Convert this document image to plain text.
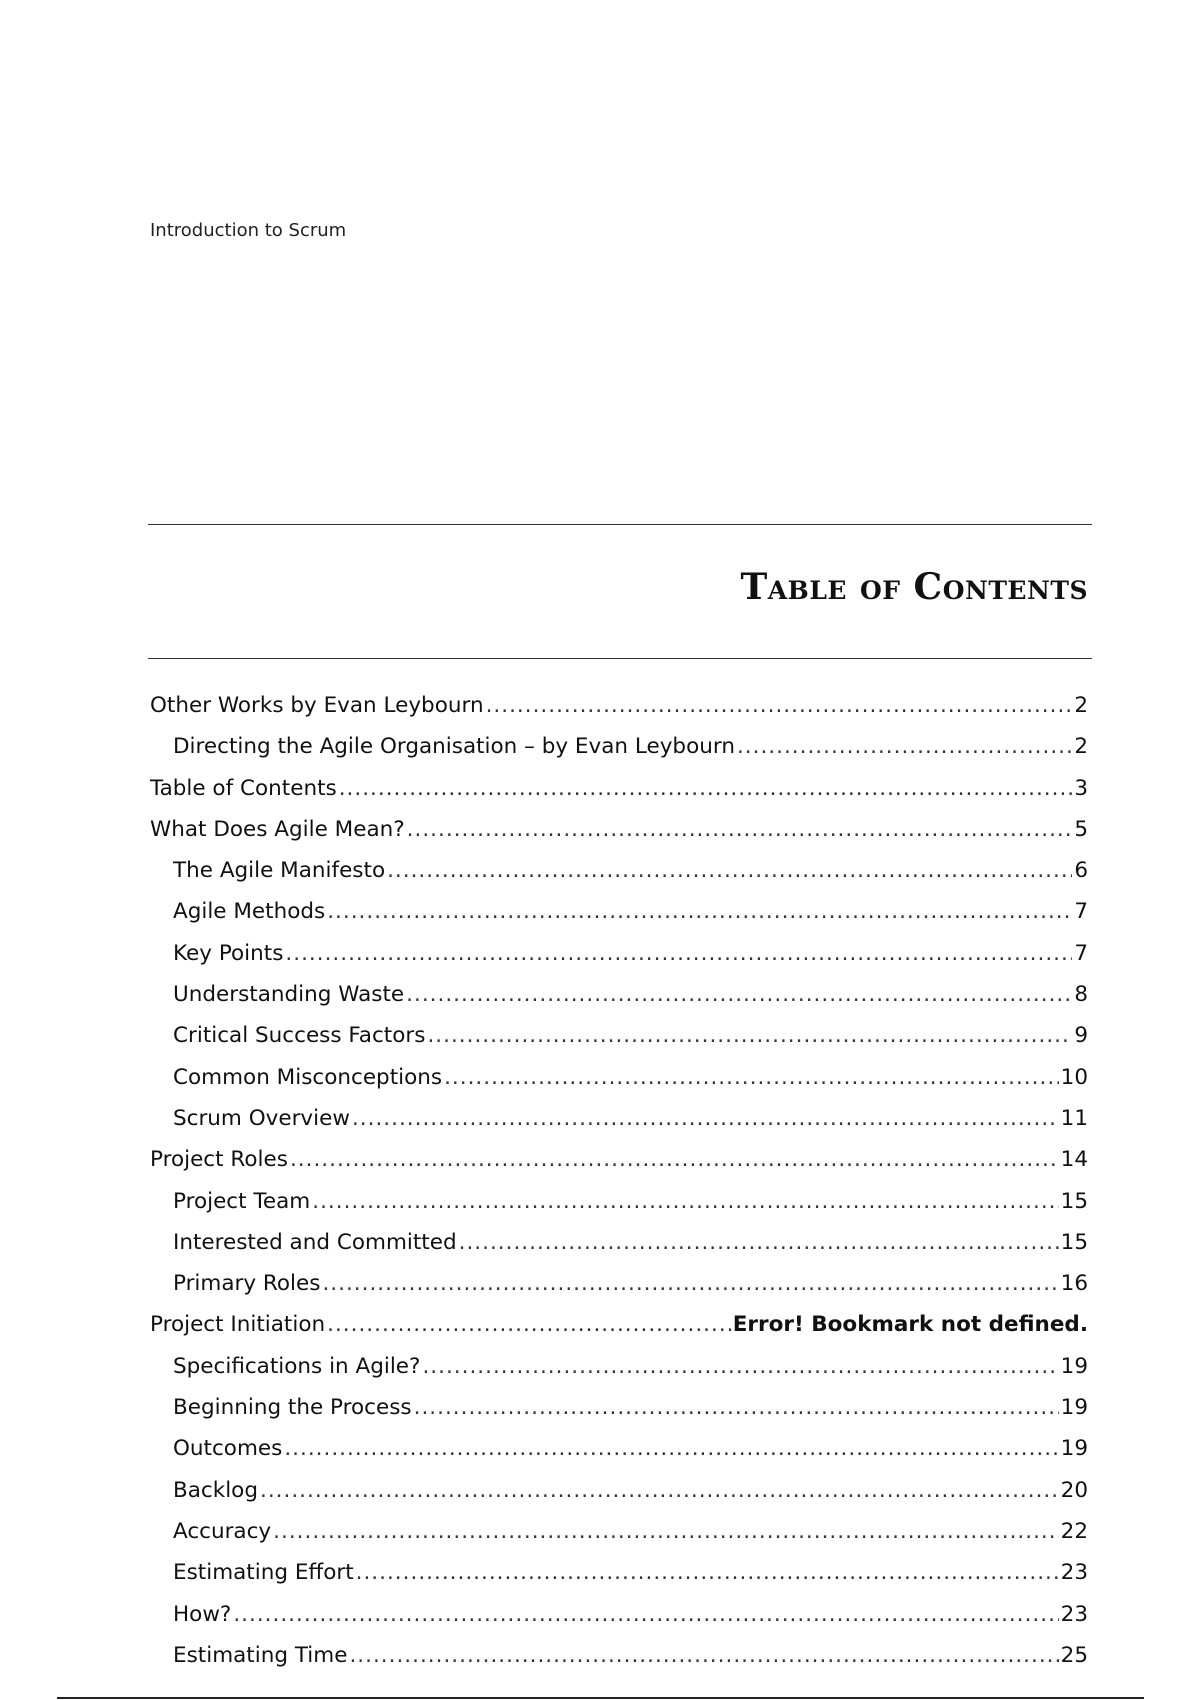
Introduction to Scrum
Table of Contents
Other Works by Evan Leybourn .....	2
Directing the Agile Organisation – by Evan Leybourn .....	2
Table of Contents .....	3
What Does Agile Mean? .....	5
The Agile Manifesto .....	6
Agile Methods .....	7
Key Points .....	7
Understanding Waste .....	8
Critical Success Factors .....	9
Common Misconceptions .....	10
Scrum Overview .....	11
Project Roles .....	14
Project Team .....	15
Interested and Committed .....	15
Primary Roles .....	16
Project Initiation .....	Error! Bookmark not defined.
Specifications in Agile? .....	19
Beginning the Process .....	19
Outcomes .....	19
Backlog .....	20
Accuracy .....	22
Estimating Effort .....	23
How? .....	23
Estimating Time .....	25
